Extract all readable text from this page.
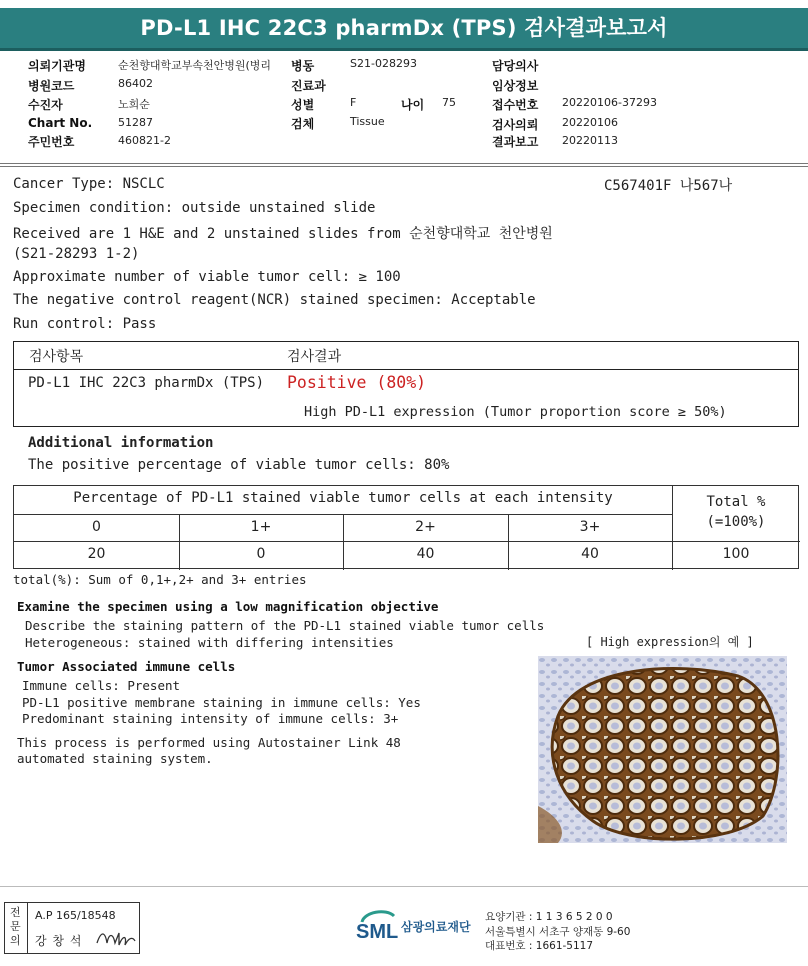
PD-L1 IHC 22C3 pharmDx (TPS) 검사결과보고서
의뢰기관명	순천향대학교부속천안병원(병리 병동	S21-028293	담당의사
병원코드	86402	진료과	임상정보
수진자	노희순	성별	F	나이 75	접수번호 20220106-37293
Chart No. 51287	검체	Tissue	검사의뢰 20220106
주민번호	460821-2	결과보고 20220113
Cancer Type: NSCLC	C567401F 나567나
Specimen condition: outside unstained slide
Received are 1 H&E and 2 unstained slides from 순천향대학교 천안병원
(S21-28293 1-2)
Approximate number of viable tumor cell: ≥ 100
The negative control reagent(NCR) stained specimen: Acceptable
Run control: Pass
검사항목	검사결과
PD-L1 IHC 22C3 pharmDx (TPS) Positive (80%)
High PD-L1 expression (Tumor proportion score ≥ 50%)
Additional information
The positive percentage of viable tumor cells: 80%
Percentage of PD-L1 stained viable tumor cells at each intensity	Total %
(=100%)
0	1+	2+	3+
20	0	40	40	100
total(%): Sum of 0,1+,2+ and 3+ entries
Examine the specimen using a low magnification objective
Describe the staining pattern of the PD-L1 stained viable tumor cells
Heterogeneous: stained with differing intensities	[ High expression의 예 ]
Tumor Associated immune cells
Immune cells: Present
PD-L1 positive membrane staining in immune cells: Yes
Predominant staining intensity of immune cells: 3+
This process is performed using Autostainer Link 48
automated staining system.
전문의
A.P 165/18548
강 창 석	SML 삼광의료재단
요양기관 : 1 1 3 6 5 2 0 0
서울특별시 서초구 양재동 9-60
대표번호 : 1661-5117
